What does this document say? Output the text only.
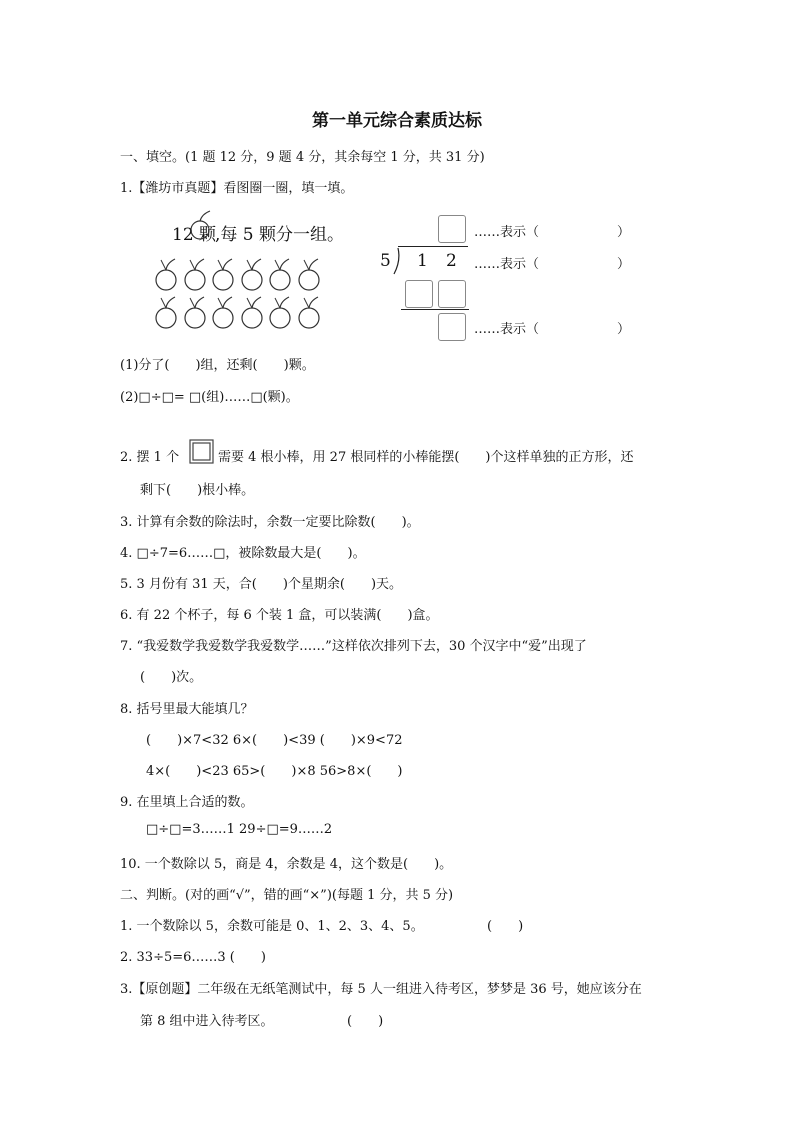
第一单元综合素质达标
一、填空。(1 题 12 分，9 题 4 分，其余每空 1 分，共 31 分)
1.【潍坊市真题】看图圈一圈，填一填。
12 颗
,每 5 颗分一组。	……表示（　　　　　　）
5 1 2 ……表示（　　　　　　）
……表示（　　　　　　）
(1)分了(　　)组，还剩(　　)颗。
(2)□÷□= □(组)……□(颗)。
2. 摆 1 个	需要 4 根小棒，用 27 根同样的小棒能摆(　　)个这样单独的正方形，还
剩下(　　)根小棒。
3. 计算有余数的除法时，余数一定要比除数(　　)。
4. □÷7=6……□，被除数最大是(　　)。
5. 3 月份有 31 天，合(　　)个星期余(　　)天。
6. 有 22 个杯子，每 6 个装 1 盒，可以装满(　　)盒。
7. “我爱数学我爱数学我爱数学……”这样依次排列下去，30 个汉字中“爱”出现了
(　　)次。
8. 括号里最大能填几？
(　　)×7<32 6×(　　)<39 (　　)×9<72
4×(　　)<23 65>(　　)×8 56>8×(　　)
9. 在里填上合适的数。
□÷□=3……1 29÷□=9……2
10. 一个数除以 5，商是 4，余数是 4，这个数是(　　)。
二、判断。(对的画“√”，错的画“×”)(每题 1 分，共 5 分)
1. 一个数除以 5，余数可能是 0、1、2、3、4、5。	(　　)
2. 33÷5=6……3 (　　)
3.【原创题】二年级在无纸笔测试中，每 5 人一组进入待考区，梦梦是 36 号，她应该分在
第 8 组中进入待考区。	(　　)
